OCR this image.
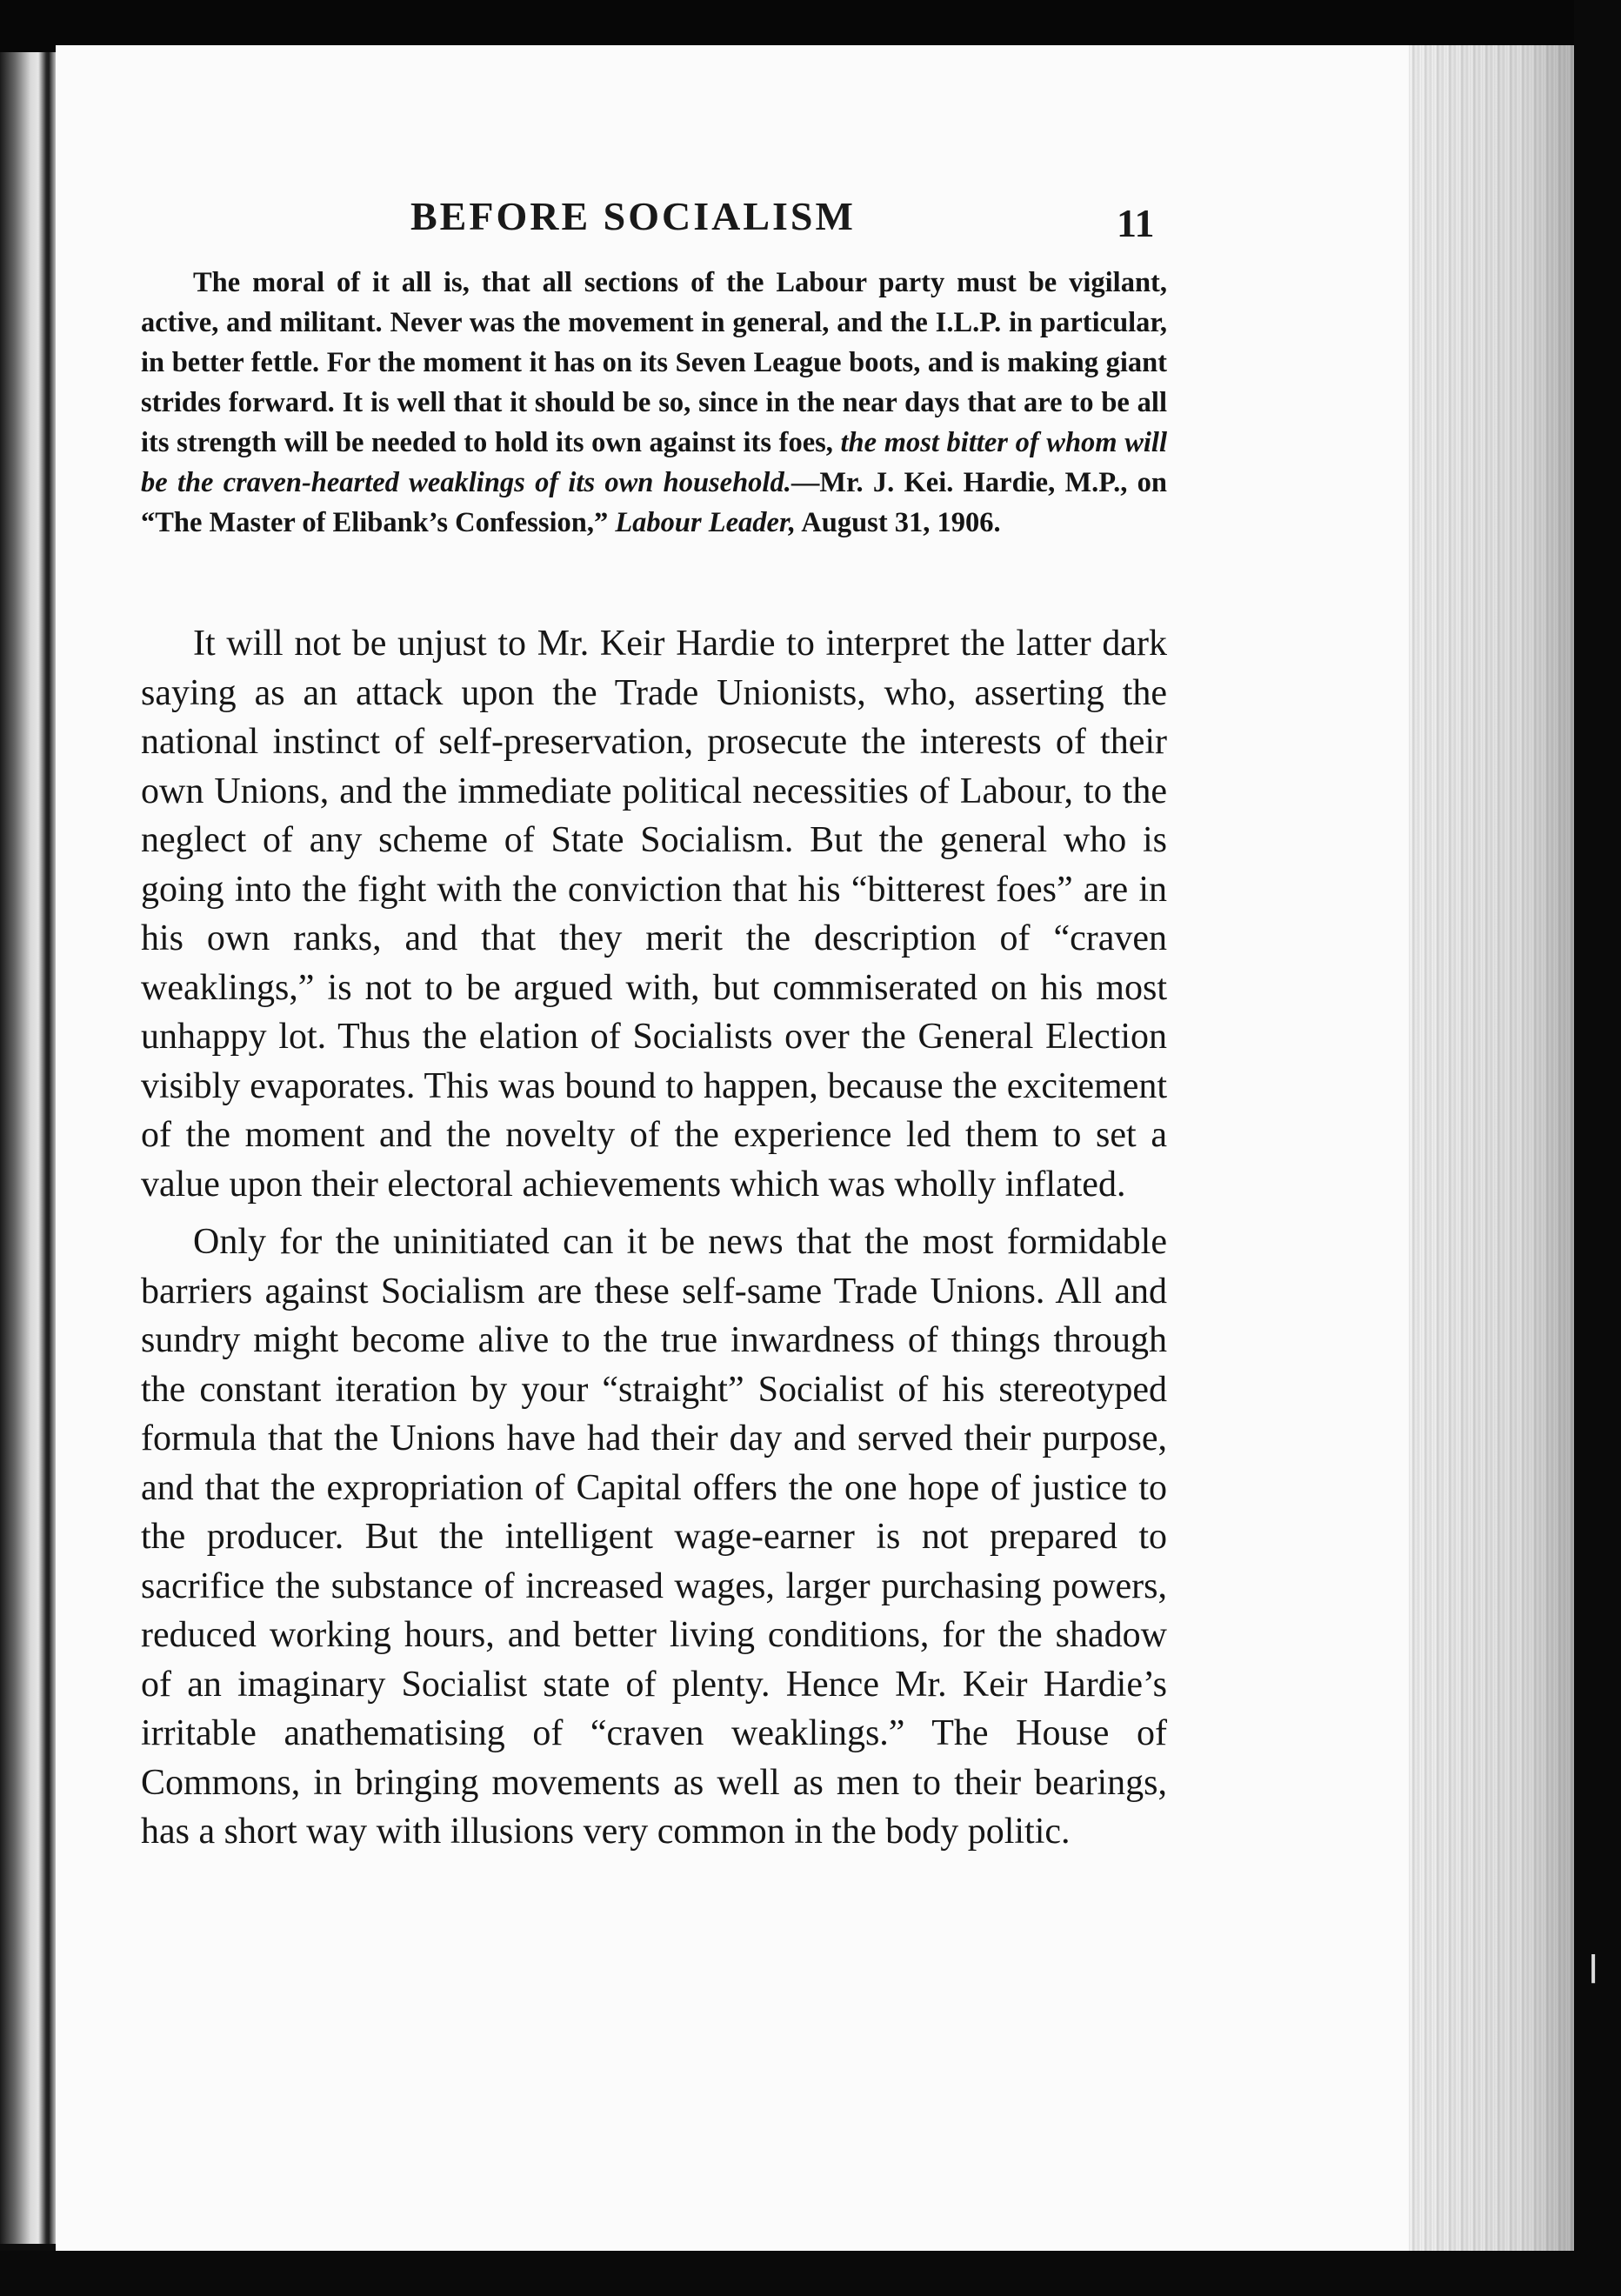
l
BEFORE SOCIALISM	11

The moral of it all is, that all sections of the Labour party must be vigilant, active, and militant. Never was the movement in general, and the I.L.P. in particular, in better fettle. For the moment it has on its Seven League boots, and is making giant strides forward. It is well that it should be so, since in the near days that are to be all its strength will be needed to hold its own against its foes, the most bitter of whom will be the craven-hearted weaklings of its own household.—Mr. J. Kei. Hardie, M.P., on “The Master of Elibank’s Confession,” Labour Leader, August 31, 1906.

It will not be unjust to Mr. Keir Hardie to interpret the latter dark saying as an attack upon the Trade Unionists, who, asserting the national instinct of self-preservation, prosecute the interests of their own Unions, and the immediate political necessities of Labour, to the neglect of any scheme of State Socialism. But the general who is going into the fight with the conviction that his “bitterest foes” are in his own ranks, and that they merit the description of “craven weaklings,” is not to be argued with, but commiserated on his most unhappy lot. Thus the elation of Socialists over the General Election visibly evaporates. This was bound to happen, because the excitement of the moment and the novelty of the experience led them to set a value upon their electoral achievements which was wholly inflated.

Only for the uninitiated can it be news that the most formidable barriers against Socialism are these self-same Trade Unions. All and sundry might become alive to the true inwardness of things through the constant iteration by your “straight” Socialist of his stereotyped formula that the Unions have had their day and served their purpose, and that the expropriation of Capital offers the one hope of justice to the producer. But the intelligent wage-earner is not prepared to sacrifice the substance of increased wages, larger purchasing powers, reduced working hours, and better living conditions, for the shadow of an imaginary Socialist state of plenty. Hence Mr. Keir Hardie’s irritable anathematising of “craven weaklings.” The House of Commons, in bringing movements as well as men to their bearings, has a short way with illusions very common in the body politic.
